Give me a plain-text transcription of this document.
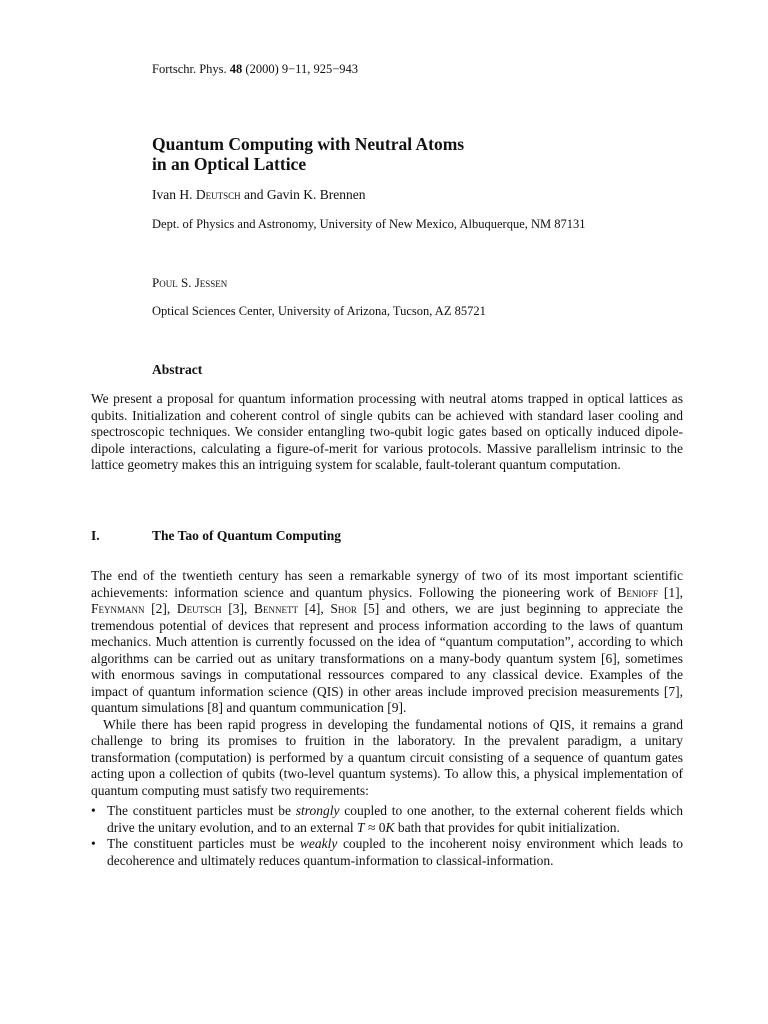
Fortschr. Phys. 48 (2000) 9−11, 925−943
Quantum Computing with Neutral Atoms
in an Optical Lattice
Ivan H. Deutsch and Gavin K. Brennen
Dept. of Physics and Astronomy, University of New Mexico, Albuquerque, NM 87131
Poul S. Jessen
Optical Sciences Center, University of Arizona, Tucson, AZ 85721
Abstract
We present a proposal for quantum information processing with neutral atoms trapped in optical lattices as qubits. Initialization and coherent control of single qubits can be achieved with standard laser cooling and spectroscopic techniques. We consider entangling two-qubit logic gates based on optically induced dipole-dipole interactions, calculating a figure-of-merit for various protocols. Massive parallelism intrinsic to the lattice geometry makes this an intriguing system for scalable, fault-tolerant quantum computation.
I.	The Tao of Quantum Computing

The end of the twentieth century has seen a remarkable synergy of two of its most important scientific achievements: information science and quantum physics. Following the pioneering work of Benioff [1], Feynmann [2], Deutsch [3], Bennett [4], Shor [5] and others, we are just beginning to appreciate the tremendous potential of devices that represent and process information according to the laws of quantum mechanics. Much attention is currently focussed on the idea of “quantum computation”, according to which algorithms can be carried out as unitary transformations on a many-body quantum system [6], sometimes with enormous savings in computational ressources compared to any classical device. Examples of the impact of quantum information science (QIS) in other areas include improved precision measurements [7], quantum simulations [8] and quantum communication [9].

While there has been rapid progress in developing the fundamental notions of QIS, it remains a grand challenge to bring its promises to fruition in the laboratory. In the prevalent paradigm, a unitary transformation (computation) is performed by a quantum circuit consisting of a sequence of quantum gates acting upon a collection of qubits (two-level quantum systems). To allow this, a physical implementation of quantum computing must satisfy two requirements:

• The constituent particles must be strongly coupled to one another, to the external coherent fields which drive the unitary evolution, and to an external T ≈ 0K bath that provides for qubit initialization.
• The constituent particles must be weakly coupled to the incoherent noisy environment which leads to decoherence and ultimately reduces quantum-information to classical-information.
